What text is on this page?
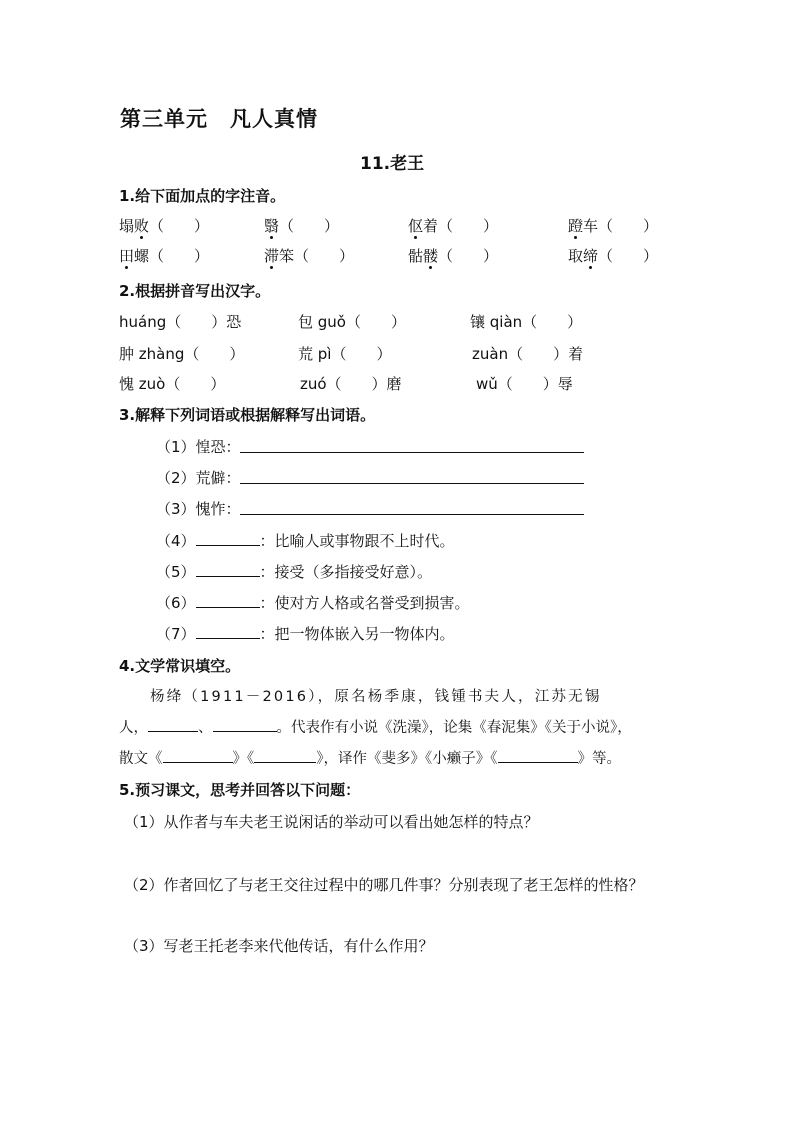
第三单元　凡人真情
11.老王
1.给下面加点的字注音。
塌败（　　）	翳（　　）	伛着（　　）	蹬车（　　）
田螺（　　）	滞笨（　　）	骷髅（　　）	取缔（　　）
2.根据拼音写出汉字。
huáng（　　）恐	包 guǒ（　　）	镶 qiàn（　　）
肿 zhàng（　　）	荒 pì（　　）	zuàn（　　）着
愧 zuò（　　）	zuó（　　）磨	wǔ（　　）辱
3.解释下列词语或根据解释写出词语。
（1）惶恐：
（2）荒僻：
（3）愧怍：
（4）	：比喻人或事物跟不上时代。
（5）	：接受（多指接受好意）。
（6）	：使对方人格或名誉受到损害。
（7）	：把一物体嵌入另一物体内。
4.文学常识填空。
杨绛（1911－2016），原名杨季康，钱锺书夫人，江苏无锡
人，	、	。代表作有小说《洗澡》，论集《春泥集》《关于小说》，
散文《	》《	》，译作《斐多》《小癞子》《	》等。
5.预习课文，思考并回答以下问题：
（1）从作者与车夫老王说闲话的举动可以看出她怎样的特点？
（2）作者回忆了与老王交往过程中的哪几件事？分别表现了老王怎样的性格？
（3）写老王托老李来代他传话，有什么作用？
